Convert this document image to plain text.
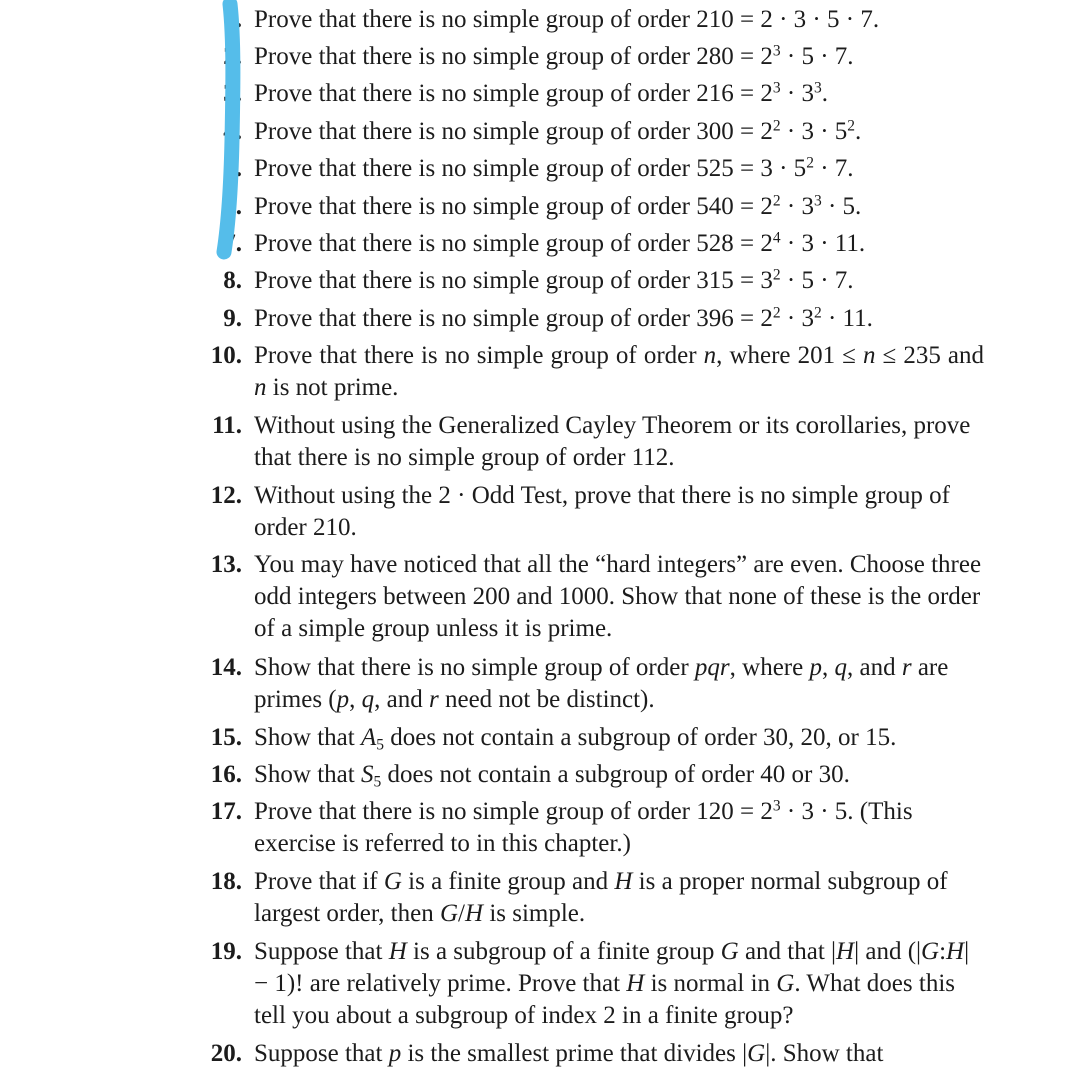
1. Prove that there is no simple group of order 210 = 2 · 3 · 5 · 7.
2. Prove that there is no simple group of order $280 = 2^3 \cdot 5 \cdot 7$.
3. Prove that there is no simple group of order $216 = 2^3 \cdot 3^3$.
4. Prove that there is no simple group of order $300 = 2^2 \cdot 3 \cdot 5^2$.
5. Prove that there is no simple group of order $525 = 3 \cdot 5^2 \cdot 7$.
6. Prove that there is no simple group of order $540 = 2^2 \cdot 3^3 \cdot 5$.
7. Prove that there is no simple group of order $528 = 2^4 \cdot 3 \cdot 11$.
8. Prove that there is no simple group of order $315 = 3^2 \cdot 5 \cdot 7$.
9. Prove that there is no simple group of order $396 = 2^2 \cdot 3^2 \cdot 11$.
10. Prove that there is no simple group of order n, where 201 ≤ n ≤ 235 and n is not prime.
11. Without using the Generalized Cayley Theorem or its corollaries, prove that there is no simple group of order 112.
12. Without using the 2 · Odd Test, prove that there is no simple group of order 210.
13. You may have noticed that all the “hard integers” are even. Choose three odd integers between 200 and 1000. Show that none of these is the order of a simple group unless it is prime.
14. Show that there is no simple group of order pqr, where p, q, and r are primes (p, q, and r need not be distinct).
15. Show that $A_5$ does not contain a subgroup of order 30, 20, or 15.
16. Show that $S_5$ does not contain a subgroup of order 40 or 30.
17. Prove that there is no simple group of order $120 = 2^3 \cdot 3 \cdot 5$. (This exercise is referred to in this chapter.)
18. Prove that if G is a finite group and H is a proper normal subgroup of largest order, then G/H is simple.
19. Suppose that H is a subgroup of a finite group G and that |H| and (|G:H| − 1)! are relatively prime. Prove that H is normal in G. What does this tell you about a subgroup of index 2 in a finite group?
20. Suppose that p is the smallest prime that divides |G|. Show that
